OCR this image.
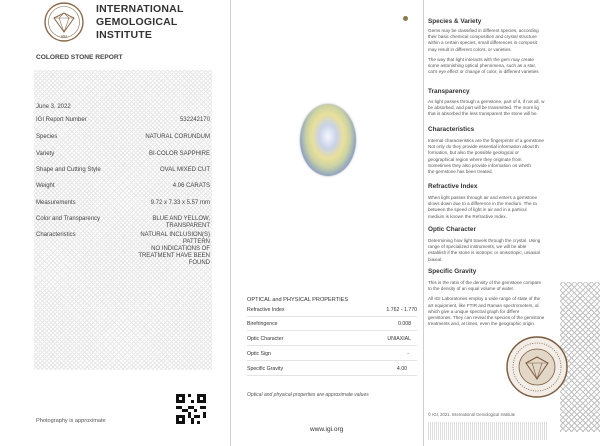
IGI
INTERNATIONAL
GEMOLOGICAL
INSTITUTE
COLORED STONE REPORT
June 3, 2022
IGI Report Number	532242170
Species	NATURAL CORUNDUM
Variety	BI-COLOR SAPPHIRE
Shape and Cutting Style	OVAL MIXED CUT
Weight	4.06 CARATS
Measurements	9.72 x 7.33 x 5.57 mm
Color and Transparency	BLUE AND YELLOW,
TRANSPARENT
Characteristics	NATURAL INCLUSION(S)
PATTERN
NO INDICATIONS OF
TREATMENT HAVE BEEN
FOUND
Photography is approximate
OPTICAL and PHYSICAL PROPERTIES
Refractive Index	1.762 - 1.770
Birefringence	0.008
Optic Character	UNIAXIAL
Optic Sign	-
Specific Gravity	4.00
Optical and physical properties are approximate values
www.igi.org
Species & Variety
Gems may be classified in different species, according
their basic chemical composition and crystal structure
within a certain species, small differences in composit
may result in different colors, or varieties.
The way that light interacts with the gem may create
some astonishing optical phenomena, such as a star,
cat's eye effect or change of color, in different varieties
Transparency
As light passes through a gemstone, part of it, if not all, w
be absorbed, and part will be transmitted. The more lig
that is absorbed the less transparent the stone will be.
Characteristics
Internal characteristics are the fingerprints of a gemstone
Not only do they provide essential information about th
formation, but also the possible geological or
geographical region where they originate from
Sometimes they also provide information on wheth
the gemstone has been treated.
Refractive Index
When light passes through air and enters a gemstone
slows down due to a difference in the medium. The ra
between the speed of light in air and in a particul
medium is known the Refractive Index.
Optic Character
Determining how light travels through the crystal. Using
range of specialized instruments, we will be able
establish if the stone is isotropic or anisotropic, uniaxial
biaxial.
Specific Gravity
This is the ratio of the density of the gemstone compare
to the density of an equal volume of water.
All IGI Laboratories employ a wide range of state of the
art equipment, like FTIR and Raman spectrometers, al
which give a unique spectral graph for differe
gemstones. They can reveal the species of the gemstone
treatments and, at times, even the geographic origin.
© IGI, 2021. International Gemological Institute
